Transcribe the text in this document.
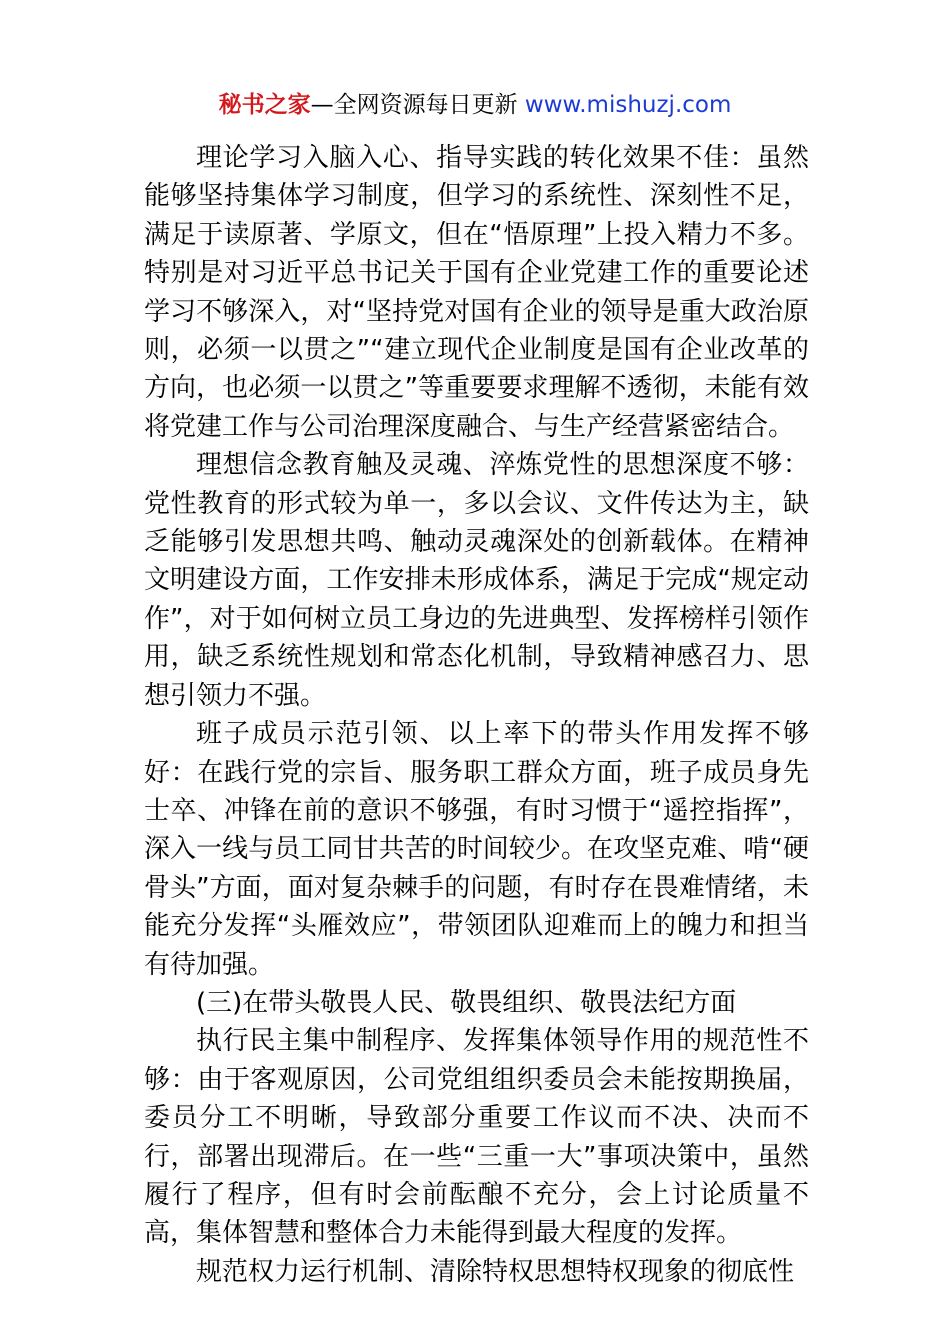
秘书之家—全网资源每日更新 www.mishuzj.com

理论学习入脑入心、指导实践的转化效果不佳：虽然能够坚持集体学习制度，但学习的系统性、深刻性不足，满足于读原著、学原文，但在“悟原理”上投入精力不多。特别是对习近平总书记关于国有企业党建工作的重要论述学习不够深入，对“坚持党对国有企业的领导是重大政治原则，必须一以贯之”“建立现代企业制度是国有企业改革的方向，也必须一以贯之”等重要要求理解不透彻，未能有效将党建工作与公司治理深度融合、与生产经营紧密结合。

理想信念教育触及灵魂、淬炼党性的思想深度不够：党性教育的形式较为单一，多以会议、文件传达为主，缺乏能够引发思想共鸣、触动灵魂深处的创新载体。在精神文明建设方面，工作安排未形成体系，满足于完成“规定动作”，对于如何树立员工身边的先进典型、发挥榜样引领作用，缺乏系统性规划和常态化机制，导致精神感召力、思想引领力不强。

班子成员示范引领、以上率下的带头作用发挥不够好：在践行党的宗旨、服务职工群众方面，班子成员身先士卒、冲锋在前的意识不够强，有时习惯于“遥控指挥”，深入一线与员工同甘共苦的时间较少。在攻坚克难、啃“硬骨头”方面，面对复杂棘手的问题，有时存在畏难情绪，未能充分发挥“头雁效应”，带领团队迎难而上的魄力和担当有待加强。

(三)在带头敬畏人民、敬畏组织、敬畏法纪方面

执行民主集中制程序、发挥集体领导作用的规范性不够：由于客观原因，公司党组组织委员会未能按期换届，委员分工不明晰，导致部分重要工作议而不决、决而不行，部署出现滞后。在一些“三重一大”事项决策中，虽然履行了程序，但有时会前酝酿不充分，会上讨论质量不高，集体智慧和整体合力未能得到最大程度的发挥。

规范权力运行机制、清除特权思想特权现象的彻底性
